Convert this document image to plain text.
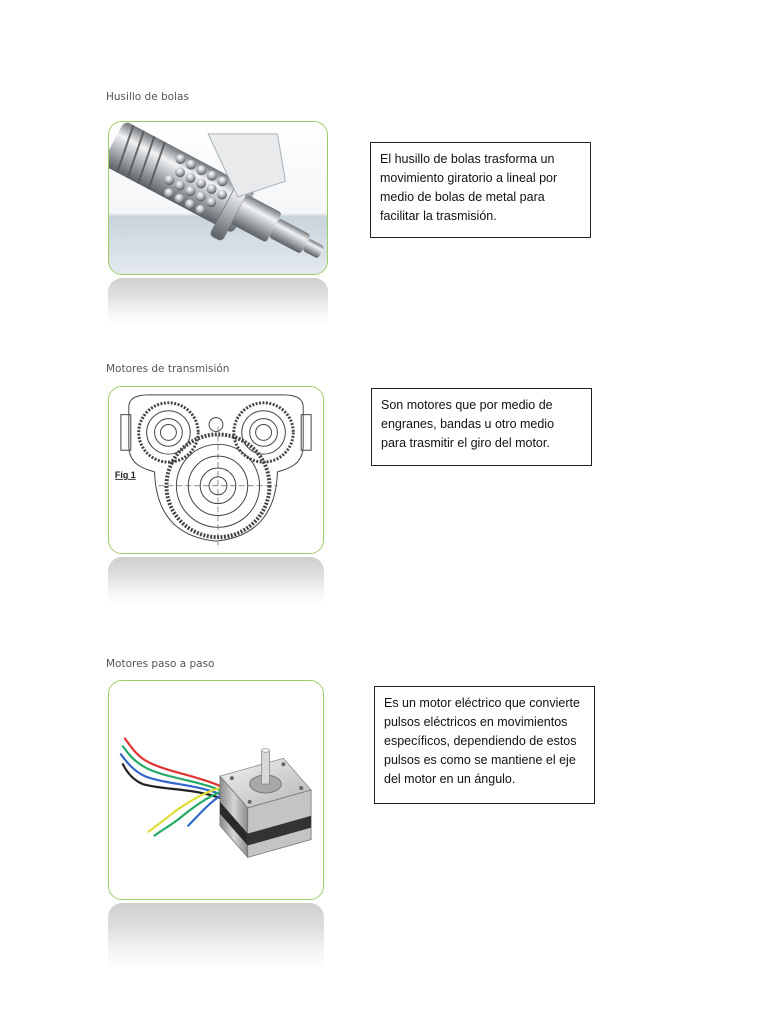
Husillo de bolas
El husillo de bolas trasforma un movimiento giratorio a lineal por medio de bolas de metal para facilitar la trasmisión.
Motores de transmisión
Fig 1
Son motores que por medio de engranes, bandas u otro medio para trasmitir el giro del motor.
Motores paso a paso
Es un motor eléctrico que convierte pulsos eléctricos en movimientos específicos, dependiendo de estos pulsos es como se mantiene el eje del motor en un ángulo.
